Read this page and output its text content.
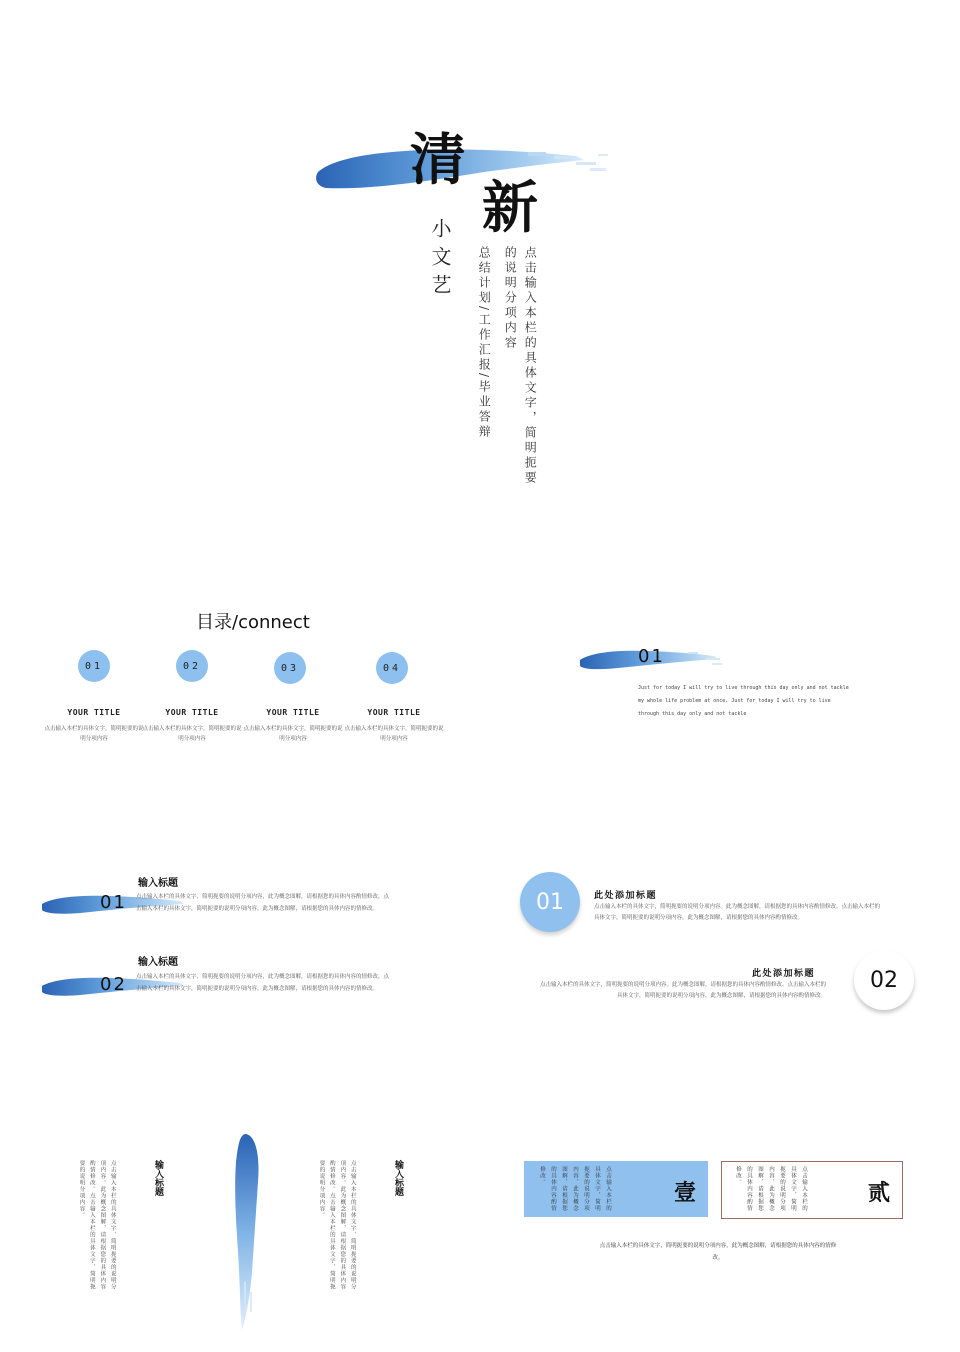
清
新
小文艺 总结计划/工作汇报/毕业答辩 的说明分项内容 点击输入本栏的具体文字，简明扼要
目录/connect
01
YOUR TITLE
点击输入本栏的具体文字，简明扼要的说明分项内容
02
YOUR TITLE
点击输入本栏的具体文字，简明扼要的说明分项内容
03
YOUR TITLE
点击输入本栏的具体文字，简明扼要的说明分项内容
04
YOUR TITLE
点击输入本栏的具体文字，简明扼要的说明分项内容
01
Just for today I will try to live through this day only and not tackle my whole life problem at once. Just for today I will try to live through this day only and not tackle
输入标题
01 点击输入本栏的具体文字，简明扼要的说明分项内容，此为概念图解，请根据您的具体内容酌情修改，点击输入本栏的具体文字，简明扼要的说明分项内容，此为概念图解，请根据您的具体内容的情修改。
输入标题
02 点击输入本栏的具体文字，简明扼要的说明分项内容，此为概念图解，请根据您的具体内容的情修改，点击输入本栏的具体文字，简明扼要的说明分项内容，此为概念图解，请根据您的具体内容的情修改。
01	此处添加标题
点击输入本栏的具体文字，简明扼要的说明分项内容。此为概念图解，请根据您的具体内容酌情修改。点击输入本栏的具体文字，简明扼要的说明分项内容，此为概念图解，请根据您的具体内容酌情修改。
此处添加标题
点击输入本栏的具体文字，简明扼要的说明分项内容。此为概念图解，请根据您的具体内容酌情修改。点击输入本栏的具体文字，简明扼要的说明分项内容，此为概念图解，请根据您的具体内容酌情修改。
02
输入标题
点击输入本栏的具体文字，简明扼要的说明分项内容。此为概念图解，请根据您的具体内容酌情修改。点击输入本栏的具体文字，简明扼要的说明分项内容。	输入标题
点击输入本栏的具体文字，简明扼要的说明分项内容。此为概念图解，请根据您的具体内容酌情修改。点击输入本栏的具体文字，简明扼要的说明分项内容。	点击输入本栏的具体文字，简明扼要的说明分项内容，此为概念图解，请根据您的具体内容酌情修改。
壹	点击输入本栏的具体文字，简明扼要的说明分项内容，此为概念图解，请根据您的具体内容酌情修改。
贰
点击输入本栏的具体文字，简明扼要的说明分项内容，此为概念图解，请根据您的具体内容的情修改。
